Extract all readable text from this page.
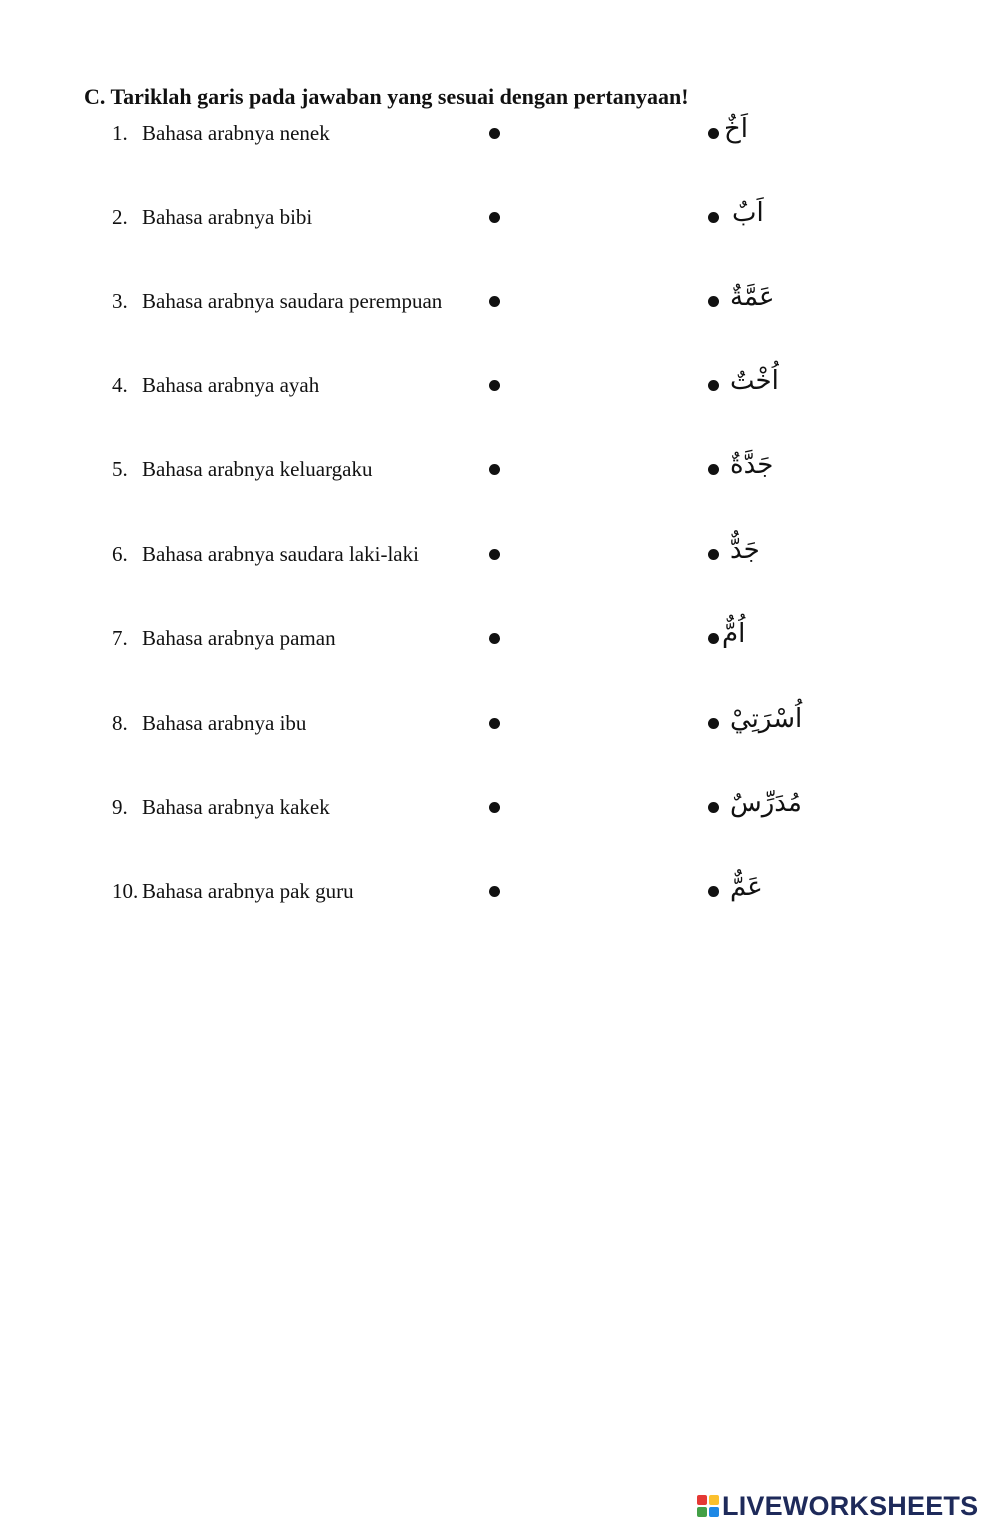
C. Tariklah garis pada jawaban yang sesuai dengan pertanyaan!
1. Bahasa arabnya nenek	اَخٌ
2. Bahasa arabnya bibi	اَبٌ
3. Bahasa arabnya saudara perempuan	عَمَّةٌ
4. Bahasa arabnya ayah	اُخْتٌ
5. Bahasa arabnya keluargaku	جَدَّةٌ
6. Bahasa arabnya saudara laki-laki	جَدٌّ
7. Bahasa arabnya paman	اُمٌّ
8. Bahasa arabnya ibu	اُسْرَتِيْ
9. Bahasa arabnya kakek	مُدَرِّسٌ
10. Bahasa arabnya pak guru	عَمٌّ
LIVEWORKSHEETS
